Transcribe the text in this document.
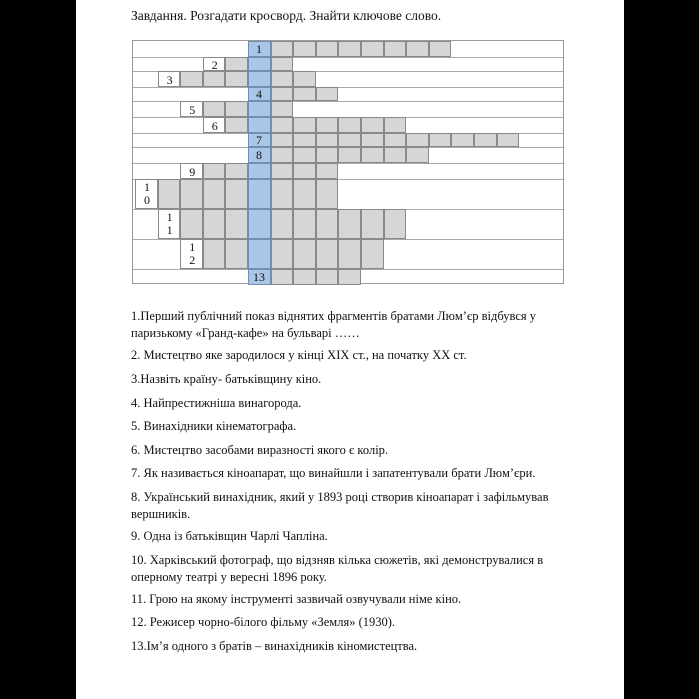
Завдання. Розгадати кросворд. Знайти ключове слово.
1
2
3
4
5
6
7
8
9
1
0
1
1
1
2
13
1.Перший публічний показ віднятих фрагментів братами Люм’єр відбувся у паризькому «Гранд-кафе» на бульварі ……
2. Мистецтво яке зародилося у кінці ХІХ ст., на початку ХХ ст.
3.Назвіть країну- батьківщину кіно.
4. Найпрестижніша винагорода.
5. Винахідники кінематографа.
6. Мистецтво засобами виразності якого є колір.
7. Як називається кіноапарат, що винайшли і запатентували брати Люм’єри.
8. Український винахідник, який у 1893 році створив кіноапарат і зафільмував вершників.
9. Одна із батьківщин Чарлі Чапліна.
10. Харківський фотограф, що відзняв кілька сюжетів, які демонструвалися в оперному театрі у вересні 1896 року.
11. Грою на якому інструменті зазвичай озвучували німе кіно.
12. Режисер чорно-білого фільму «Земля» (1930).
13.Ім’я одного з братів – винахідників кіномистецтва.
